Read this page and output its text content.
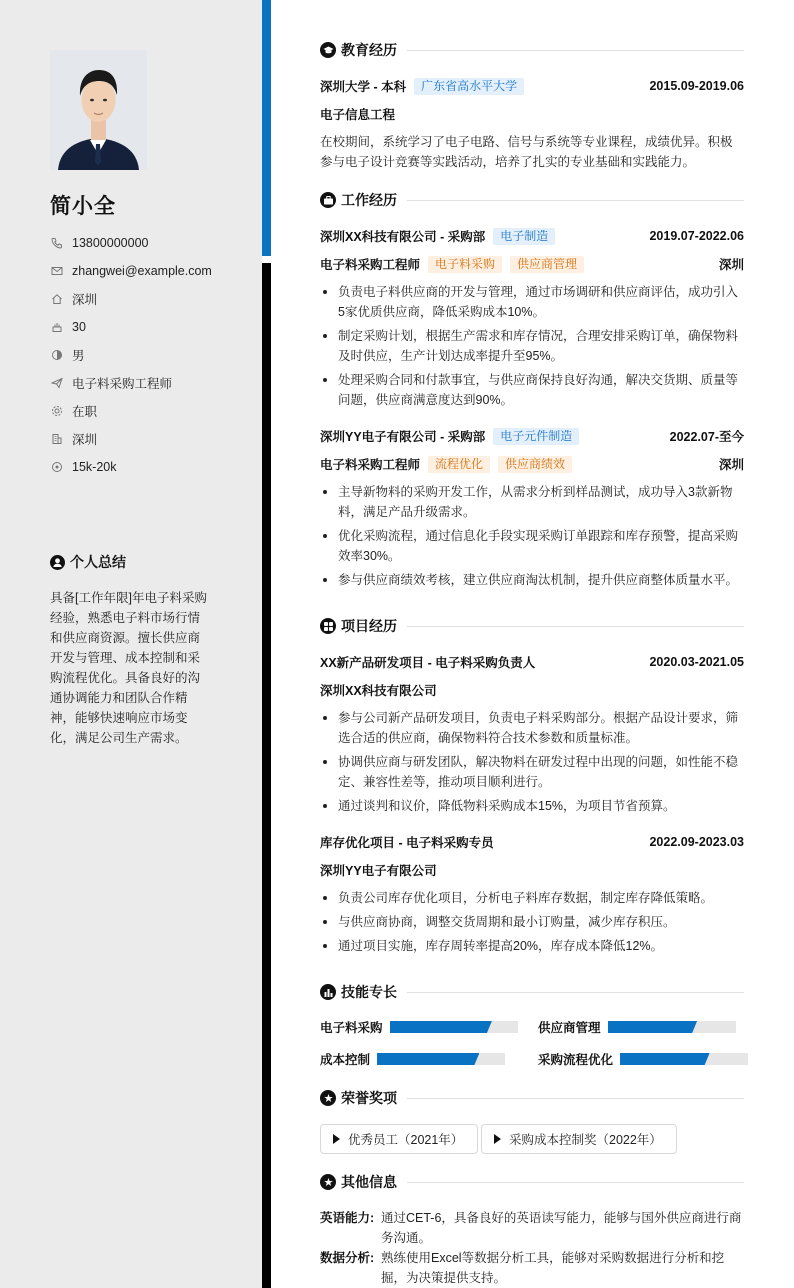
简小全
13800000000
zhangwei@example.com
深圳
30
男
电子料采购工程师
在职
深圳
15k-20k
个人总结
具备[工作年限]年电子料采购经验，熟悉电子料市场行情和供应商资源。擅长供应商开发与管理、成本控制和采购流程优化。具备良好的沟通协调能力和团队合作精神，能够快速响应市场变化，满足公司生产需求。
教育经历
深圳大学 - 本科	广东省高水平大学	2015.09-2019.06
电子信息工程
在校期间，系统学习了电子电路、信号与系统等专业课程，成绩优异。积极参与电子设计竞赛等实践活动，培养了扎实的专业基础和实践能力。
工作经历
深圳XX科技有限公司 - 采购部	电子制造	2019.07-2022.06
电子料采购工程师	电子料采购	供应商管理	深圳
负责电子料供应商的开发与管理，通过市场调研和供应商评估，成功引入5家优质供应商，降低采购成本10%。
制定采购计划，根据生产需求和库存情况，合理安排采购订单，确保物料及时供应，生产计划达成率提升至95%。
处理采购合同和付款事宜，与供应商保持良好沟通，解决交货期、质量等问题，供应商满意度达到90%。
深圳YY电子有限公司 - 采购部	电子元件制造	2022.07-至今
电子料采购工程师	流程优化	供应商绩效	深圳
主导新物料的采购开发工作，从需求分析到样品测试，成功导入3款新物料，满足产品升级需求。
优化采购流程，通过信息化手段实现采购订单跟踪和库存预警，提高采购效率30%。
参与供应商绩效考核，建立供应商淘汰机制，提升供应商整体质量水平。
项目经历
XX新产品研发项目 - 电子料采购负责人	2020.03-2021.05
深圳XX科技有限公司
参与公司新产品研发项目，负责电子料采购部分。根据产品设计要求，筛选合适的供应商，确保物料符合技术参数和质量标准。
协调供应商与研发团队，解决物料在研发过程中出现的问题，如性能不稳定、兼容性差等，推动项目顺利进行。
通过谈判和议价，降低物料采购成本15%，为项目节省预算。
库存优化项目 - 电子料采购专员	2022.09-2023.03
深圳YY电子有限公司
负责公司库存优化项目，分析电子料库存数据，制定库存降低策略。
与供应商协商，调整交货周期和最小订购量，减少库存积压。
通过项目实施，库存周转率提高20%，库存成本降低12%。
技能专长
电子料采购	供应商管理
成本控制	采购流程优化
荣誉奖项
优秀员工（2021年）	采购成本控制奖（2022年）
其他信息
英语能力: 通过CET-6，具备良好的英语读写能力，能够与国外供应商进行商务沟通。
数据分析: 熟练使用Excel等数据分析工具，能够对采购数据进行分析和挖掘，为决策提供支持。
